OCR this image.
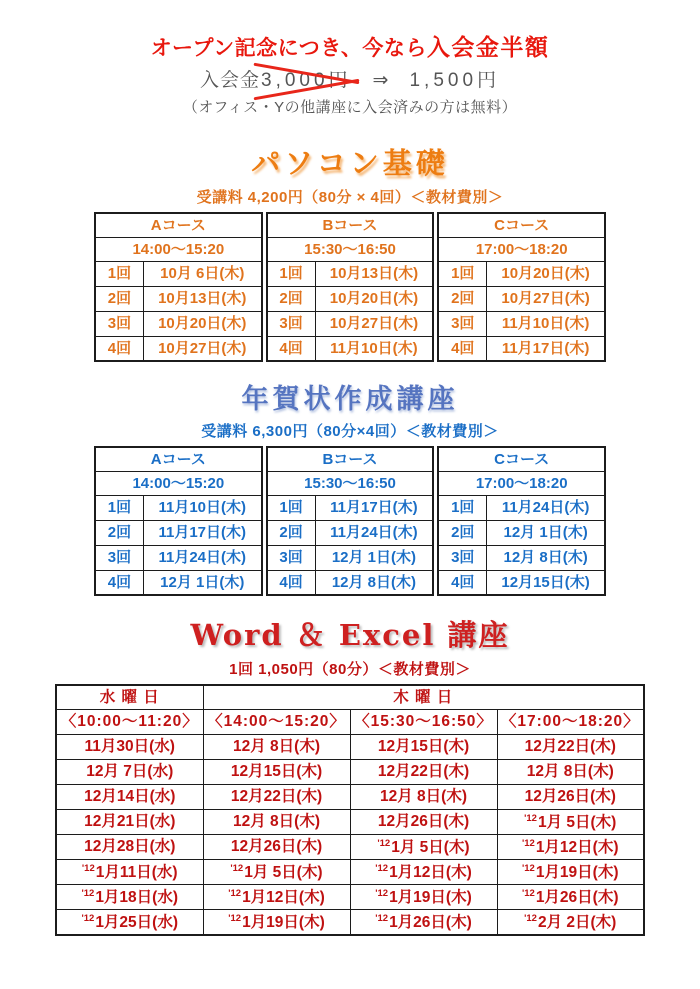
オープン記念につき、今なら入会金半額
入会金3,000円 ⇒ 1,500円
（オフィス・Yの他講座に入会済みの方は無料）
パソコン基礎
受講料 4,200円（80分 × 4回）＜教材費別＞
Aコース	
14:00～15:20	
1回	10月 6日(木)
2回	10月13日(木)
3回	10月20日(木)
4回	10月27日(木)
Bコース	
15:30～16:50	
1回	10月13日(木)
2回	10月20日(木)
3回	10月27日(木)
4回	11月10日(木)
Cコース	
17:00～18:20	
1回	10月20日(木)
2回	10月27日(木)
3回	11月10日(木)
4回	11月17日(木)
年賀状作成講座
受講料 6,300円（80分×4回）＜教材費別＞
Aコース	
14:00～15:20	
1回	11月10日(木)
2回	11月17日(木)
3回	11月24日(木)
4回	12月 1日(木)
Bコース	
15:30～16:50	
1回	11月17日(木)
2回	11月24日(木)
3回	12月 1日(木)
4回	12月 8日(木)
Cコース	
17:00～18:20	
1回	11月24日(木)
2回	12月 1日(木)
3回	12月 8日(木)
4回	12月15日(木)
Word ＆ Excel 講座
1回 1,050円（80分）＜教材費別＞
水 曜 日	木 曜 日		
〈10:00～11:20〉	〈14:00～15:20〉	〈15:30～16:50〉	〈17:00～18:20〉
11月30日(水)	12月 8日(木)	12月15日(木)	12月22日(木)
12月 7日(水)	12月15日(木)	12月22日(木)	12月 8日(木)
12月14日(水)	12月22日(木)	12月 8日(木)	12月26日(木)
12月21日(水)	12月 8日(木)	12月26日(木)	$^{'12}$1月 5日(木)
12月28日(水)	12月26日(木)	$^{'12}$1月 5日(木)	$^{'12}$1月12日(木)
$^{'12}$1月11日(水)	$^{'12}$1月 5日(木)	$^{'12}$1月12日(木)	$^{'12}$1月19日(木)
$^{'12}$1月18日(水)	$^{'12}$1月12日(木)	$^{'12}$1月19日(木)	$^{'12}$1月26日(木)
$^{'12}$1月25日(水)	$^{'12}$1月19日(木)	$^{'12}$1月26日(木)	$^{'12}$2月 2日(木)
